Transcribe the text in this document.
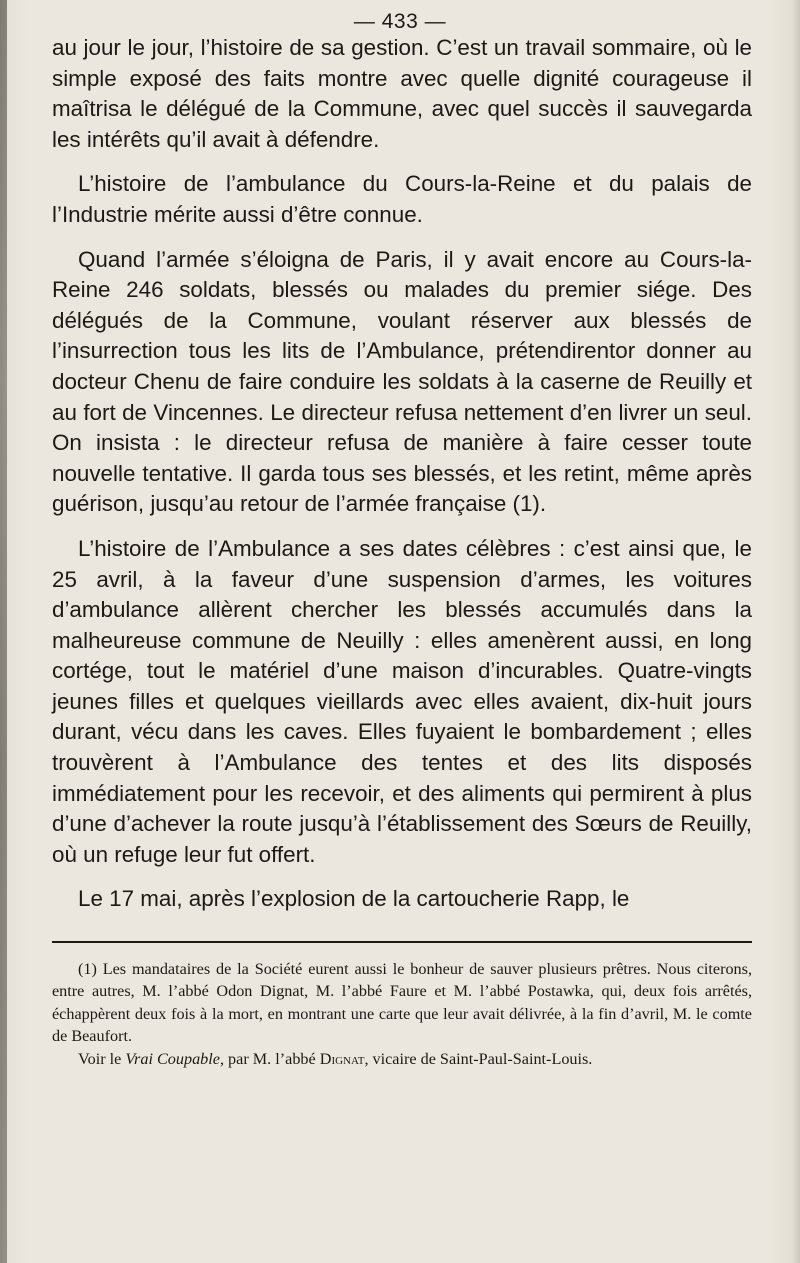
— 433 —

au jour le jour, l’histoire de sa gestion. C’est un travail sommaire, où le simple exposé des faits montre avec quelle dignité courageuse il maîtrisa le délégué de la Commune, avec quel succès il sauvegarda les intérêts qu’il avait à défendre.

L’histoire de l’ambulance du Cours-la-Reine et du palais de l’Industrie mérite aussi d’être connue.

Quand l’armée s’éloigna de Paris, il y avait encore au Cours-la-Reine 246 soldats, blessés ou malades du premier siége. Des délégués de la Commune, voulant réserver aux blessés de l’insurrection tous les lits de l’Ambulance, prétendirentor donner au docteur Chenu de faire conduire les soldats à la caserne de Reuilly et au fort de Vincennes. Le directeur refusa nettement d’en livrer un seul. On insista : le directeur refusa de manière à faire cesser toute nouvelle tentative. Il garda tous ses blessés, et les retint, même après guérison, jusqu’au retour de l’armée française (1).

L’histoire de l’Ambulance a ses dates célèbres : c’est ainsi que, le 25 avril, à la faveur d’une suspension d’armes, les voitures d’ambulance allèrent chercher les blessés accumulés dans la malheureuse commune de Neuilly : elles amenèrent aussi, en long cortége, tout le matériel d’une maison d’incurables. Quatre-vingts jeunes filles et quelques vieillards avec elles avaient, dix-huit jours durant, vécu dans les caves. Elles fuyaient le bombardement ; elles trouvèrent à l’Ambulance des tentes et des lits disposés immédiatement pour les recevoir, et des aliments qui permirent à plus d’une d’achever la route jusqu’à l’établissement des Sœurs de Reuilly, où un refuge leur fut offert.

Le 17 mai, après l’explosion de la cartoucherie Rapp, le

(1) Les mandataires de la Société eurent aussi le bonheur de sauver plusieurs prêtres. Nous citerons, entre autres, M. l’abbé Odon Dignat, M. l’abbé Faure et M. l’abbé Postawka, qui, deux fois arrêtés, échappèrent deux fois à la mort, en montrant une carte que leur avait délivrée, à la fin d’avril, M. le comte de Beaufort.

Voir le Vrai Coupable, par M. l’abbé Dignat, vicaire de Saint-Paul-Saint-Louis.
